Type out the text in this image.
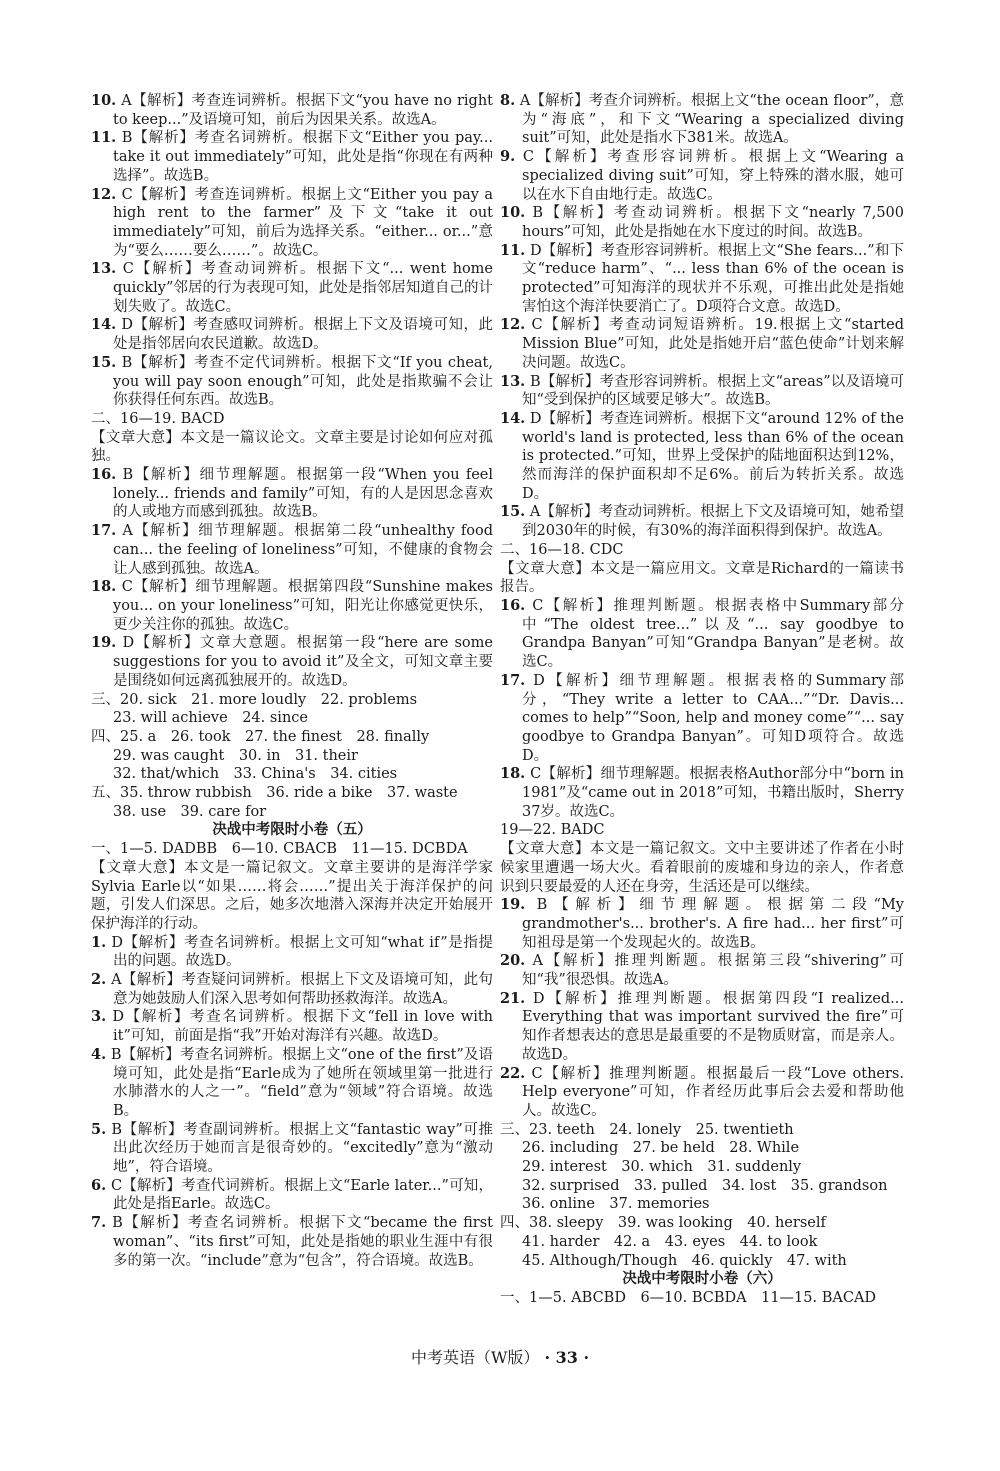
10. A【解析】考查连词辨析。根据下文“you have no right to keep...”及语境可知，前后为因果关系。故选A。

11. B【解析】考查名词辨析。根据下文“Either you pay... take it out immediately”可知，此处是指“你现在有两种选择”。故选B。

12. C【解析】考查连词辨析。根据上文“Either you pay a high rent to the farmer”及下文“take it out immediately”可知，前后为选择关系。“either... or...”意为“要么……要么……”。故选C。

13. C【解析】考查动词辨析。根据下文“... went home quickly”邻居的行为表现可知，此处是指邻居知道自己的计划失败了。故选C。

14. D【解析】考查感叹词辨析。根据上下文及语境可知，此处是指邻居向农民道歉。故选D。

15. B【解析】考查不定代词辨析。根据下文“If you cheat, you will pay soon enough”可知，此处是指欺骗不会让你获得任何东西。故选B。

二、16—19. BACD

【文章大意】本文是一篇议论文。文章主要是讨论如何应对孤独。

16. B【解析】细节理解题。根据第一段“When you feel lonely... friends and family”可知，有的人是因思念喜欢的人或地方而感到孤独。故选B。

17. A【解析】细节理解题。根据第二段“unhealthy food can... the feeling of loneliness”可知，不健康的食物会让人感到孤独。故选A。

18. C【解析】细节理解题。根据第四段“Sunshine makes you... on your loneliness”可知，阳光让你感觉更快乐，更少关注你的孤独。故选C。

19. D【解析】文章大意题。根据第一段“here are some suggestions for you to avoid it”及全文，可知文章主要是围绕如何远离孤独展开的。故选D。

三、20. sick　21. more loudly　22. problems

23. will achieve　24. since

四、25. a　26. took　27. the finest　28. finally

29. was caught　30. in　31. their

32. that/which　33. China's　34. cities

五、35. throw rubbish　36. ride a bike　37. waste

38. use　39. care for

决战中考限时小卷（五）

一、1—5. DADBB　6—10. CBACB　11—15. DCBDA

【文章大意】本文是一篇记叙文。文章主要讲的是海洋学家Sylvia Earle以“如果……将会……”提出关于海洋保护的问题，引发人们深思。之后，她多次地潜入深海并决定开始展开保护海洋的行动。

1. D【解析】考查名词辨析。根据上文可知“what if”是指提出的问题。故选D。

2. A【解析】考查疑问词辨析。根据上下文及语境可知，此句意为她鼓励人们深入思考如何帮助拯救海洋。故选A。

3. D【解析】考查名词辨析。根据下文“fell in love with it”可知，前面是指“我”开始对海洋有兴趣。故选D。

4. B【解析】考查名词辨析。根据上文“one of the first”及语境可知，此处是指“Earle成为了她所在领域里第一批进行水肺潜水的人之一”。“field”意为“领域”符合语境。故选B。

5. B【解析】考查副词辨析。根据上文“fantastic way”可推出此次经历于她而言是很奇妙的。“excitedly”意为“激动地”，符合语境。

6. C【解析】考查代词辨析。根据上文“Earle later...”可知，此处是指Earle。故选C。

7. B【解析】考查名词辨析。根据下文“became the first woman”、“its first”可知，此处是指她的职业生涯中有很多的第一次。“include”意为“包含”，符合语境。故选B。

8. A【解析】考查介词辨析。根据上文“the ocean floor”，意为“海底”，和下文“Wearing a specialized diving suit”可知，此处是指水下381米。故选A。

9. C【解析】考查形容词辨析。根据上文“Wearing a specialized diving suit”可知，穿上特殊的潜水服，她可以在水下自由地行走。故选C。

10. B【解析】考查动词辨析。根据下文“nearly 7,500 hours”可知，此处是指她在水下度过的时间。故选B。

11. D【解析】考查形容词辨析。根据上文“She fears...”和下文“reduce harm”、“... less than 6% of the ocean is protected”可知海洋的现状并不乐观，可推出此处是指她害怕这个海洋快要消亡了。D项符合文意。故选D。

12. C【解析】考查动词短语辨析。19.根据上文“started Mission Blue”可知，此处是指她开启“蓝色使命”计划来解决问题。故选C。

13. B【解析】考查形容词辨析。根据上文“areas”以及语境可知“受到保护的区域要足够大”。故选B。

14. D【解析】考查连词辨析。根据下文“around 12% of the world's land is protected, less than 6% of the ocean is protected.”可知，世界上受保护的陆地面积达到12%，然而海洋的保护面积却不足6%。前后为转折关系。故选D。

15. A【解析】考查动词辨析。根据上下文及语境可知，她希望到2030年的时候，有30%的海洋面积得到保护。故选A。

二、16—18. CDC

【文章大意】本文是一篇应用文。文章是Richard的一篇读书报告。

16. C【解析】推理判断题。根据表格中Summary部分中“The oldest tree...”以及“... say goodbye to Grandpa Banyan”可知“Grandpa Banyan”是老树。故选C。

17. D【解析】细节理解题。根据表格的Summary部分，“They write a letter to CAA...”“Dr. Davis... comes to help”“Soon, help and money come”“... say goodbye to Grandpa Banyan”。可知D项符合。故选D。

18. C【解析】细节理解题。根据表格Author部分中“born in 1981”及“came out in 2018”可知，书籍出版时，Sherry 37岁。故选C。

19—22. BADC

【文章大意】本文是一篇记叙文。文中主要讲述了作者在小时候家里遭遇一场大火。看着眼前的废墟和身边的亲人，作者意识到只要最爱的人还在身旁，生活还是可以继续。

19. B【解析】细节理解题。根据第二段“My grandmother's... brother's. A fire had... her first”可知祖母是第一个发现起火的。故选B。

20. A【解析】推理判断题。根据第三段“shivering”可知“我”很恐惧。故选A。

21. D【解析】推理判断题。根据第四段“I realized... Everything that was important survived the fire”可知作者想表达的意思是最重要的不是物质财富，而是亲人。故选D。

22. C【解析】推理判断题。根据最后一段“Love others. Help everyone”可知，作者经历此事后会去爱和帮助他人。故选C。

三、23. teeth　24. lonely　25. twentieth

26. including　27. be held　28. While

29. interest　30. which　31. suddenly

32. surprised　33. pulled　34. lost　35. grandson

36. online　37. memories

四、38. sleepy　39. was looking　40. herself

41. harder　42. a　43. eyes　44. to look

45. Although/Though　46. quickly　47. with

决战中考限时小卷（六）

一、1—5. ABCBD　6—10. BCBDA　11—15. BACAD

中考英语（W版） · 33 ·
